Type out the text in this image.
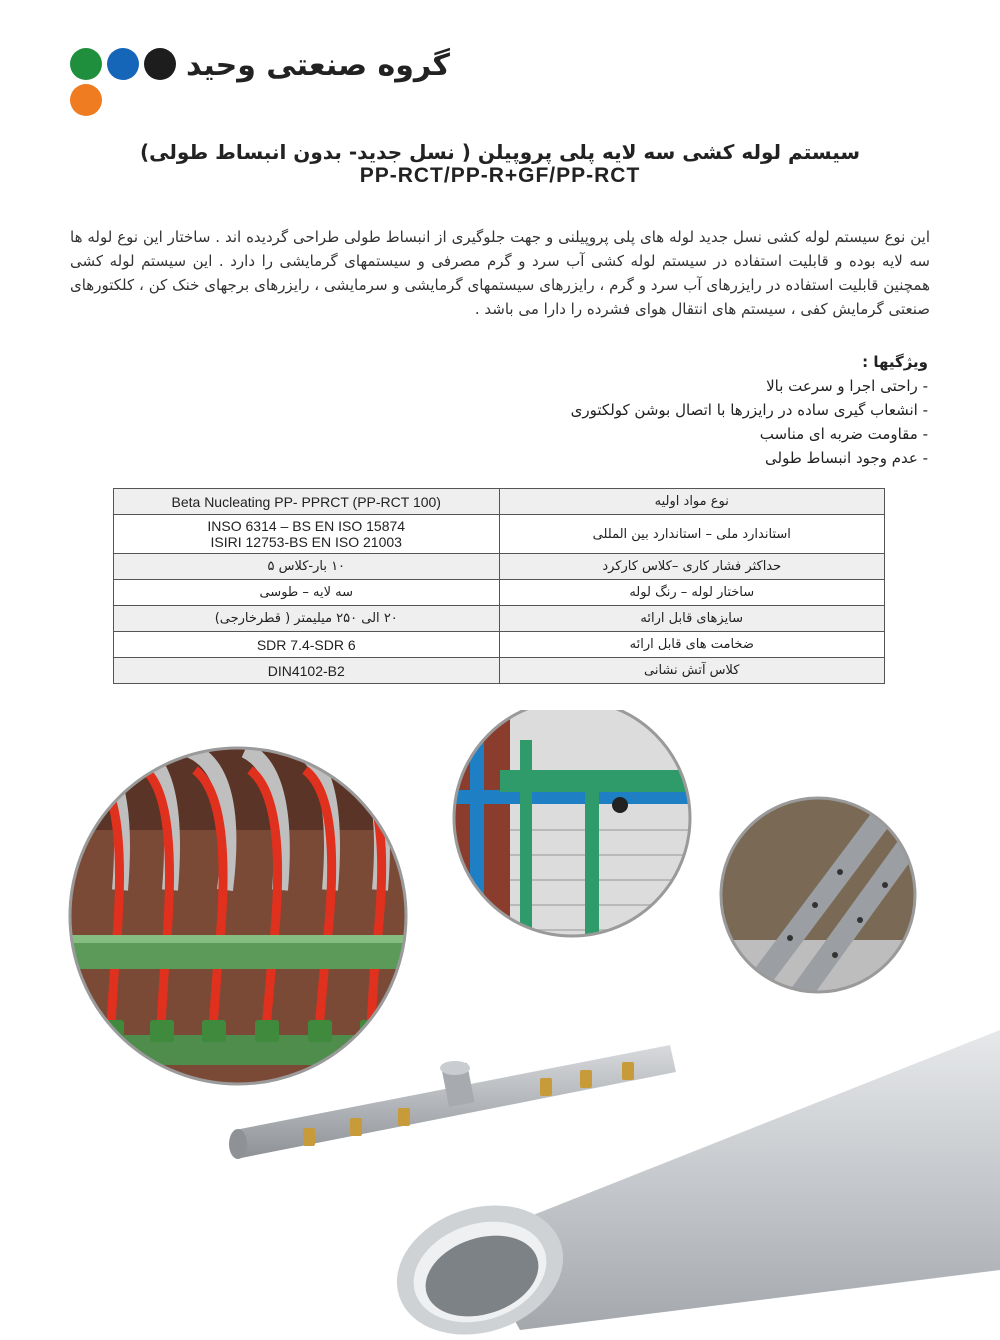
گروه صنعتی وحید
سیستم لوله کشی سه لایه پلی پروپیلن ( نسل جدید- بدون انبساط طولی)
PP-RCT/PP-R+GF/PP-RCT

این نوع سیستم لوله کشی نسل جدید لوله های پلی پروپیلنی و جهت جلوگیری از انبساط طولی طراحی گردیده اند . ساختار این نوع لوله ها سه لایه بوده و قابلیت استفاده در سیستم لوله کشی آب سرد و گرم مصرفی و سیستمهای گرمایشی را دارد . این سیستم لوله کشی همچنین قابلیت استفاده در رایزرهای آب سرد و گرم ، رایزرهای سیستمهای گرمایشی و سرمایشی ، رایزرهای برجهای خنک کن ، کلکتورهای صنعتی گرمایش کفی ، سیستم های انتقال هوای فشرده را دارا می باشد .

ویژگیها :
- راحتی اجرا و سرعت بالا
- انشعاب گیری ساده در رایزرها با اتصال بوشن کولکتوری
- مقاومت ضربه ای مناسب
- عدم وجود انبساط طولی
Beta Nucleating PP- PPRCT (PP-RCT 100)	نوع مواد اولیه

INSO 6314 – BS EN ISO 15874
ISIRI 12753-BS EN ISO 21003	استاندارد ملی – استاندارد بین المللی
۱۰ بار-کلاس ۵	حداکثر فشار کاری –کلاس کارکرد
سه لایه – طوسی	ساختار لوله – رنگ لوله
۲۰ الی ۲۵۰ میلیمتر ( قطرخارجی)	سایزهای قابل ارائه
SDR 7.4-SDR 6	ضخامت های قابل ارائه
DIN4102-B2	کلاس آتش نشانی
